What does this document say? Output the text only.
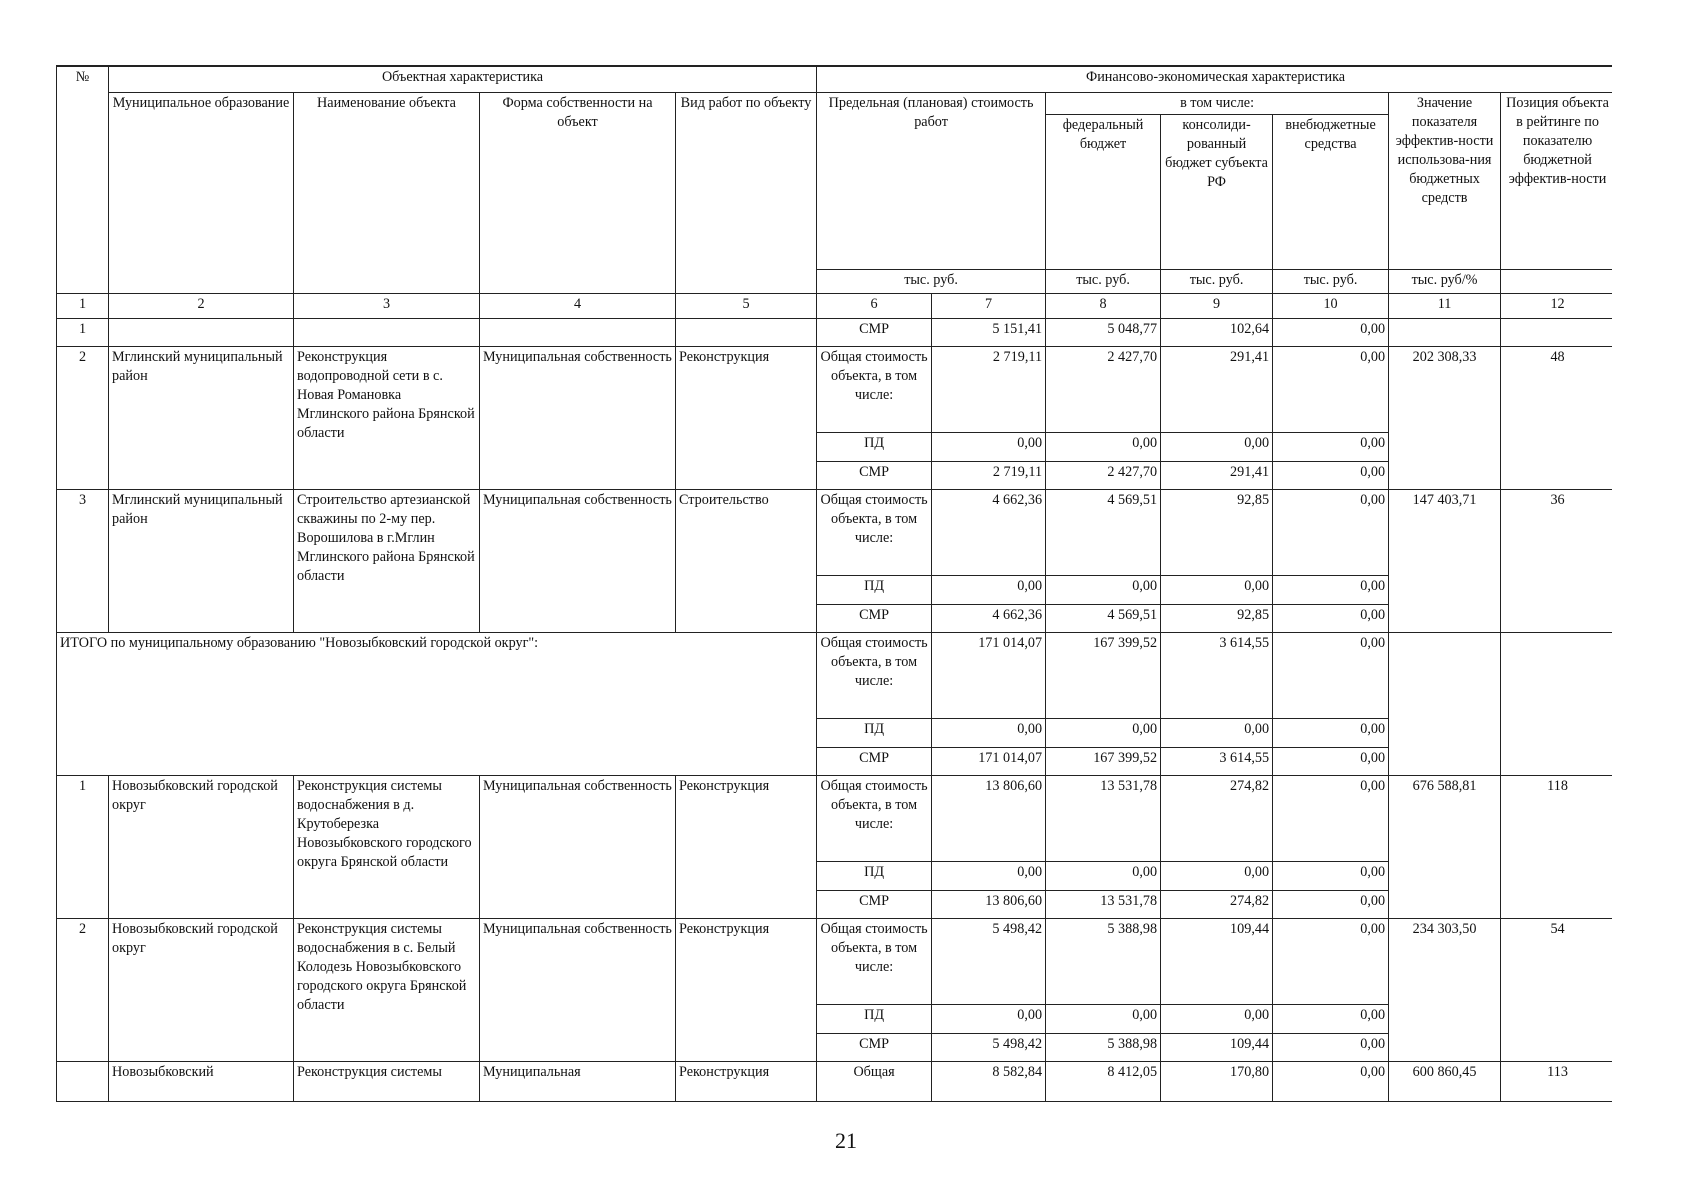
№	Объектная характеристика				Финансово-экономическая характеристика						
	Муниципальное образование	Наименование объекта	Форма собственности на объект	Вид работ по объекту	Предельная (плановая) стоимость работ		в том числе:			Значение показателя эффектив-ности использова-ния бюджетных средств	Позиция объекта в рейтинге по показателю бюджетной эффектив-ности
							федеральный бюджет	консолиди-рованный бюджет субъекта РФ	внебюджетные средства		
					тыс. руб.		тыс. руб.	тыс. руб.	тыс. руб.	тыс. руб/%	
1	2	3	4	5	6	7	8	9	10	11	12
1					СМР	5 151,41	5 048,77	102,64	0,00		
2	Мглинский муниципальный район	Реконструкция водопроводной сети в с. Новая Романовка Мглинского района Брянской области	Муниципальная собственность	Реконструкция	Общая стоимость объекта, в том числе:	2 719,11	2 427,70	291,41	0,00	202 308,33	48
					ПД	0,00	0,00	0,00	0,00		
					СМР	2 719,11	2 427,70	291,41	0,00		
3	Мглинский муниципальный район	Строительство артезианской скважины по 2-му пер. Ворошилова в г.Мглин Мглинского района Брянской области	Муниципальная собственность	Строительство	Общая стоимость объекта, в том числе:	4 662,36	4 569,51	92,85	0,00	147 403,71	36
					ПД	0,00	0,00	0,00	0,00		
					СМР	4 662,36	4 569,51	92,85	0,00		
ИТОГО по муниципальному образованию "Новозыбковский городской округ":					Общая стоимость объекта, в том числе:	171 014,07	167 399,52	3 614,55	0,00		
					ПД	0,00	0,00	0,00	0,00		
					СМР	171 014,07	167 399,52	3 614,55	0,00		
1	Новозыбковский городской округ	Реконструкция системы водоснабжения в д. Крутоберезка Новозыбковского городского округа Брянской области	Муниципальная собственность	Реконструкция	Общая стоимость объекта, в том числе:	13 806,60	13 531,78	274,82	0,00	676 588,81	118
					ПД	0,00	0,00	0,00	0,00		
					СМР	13 806,60	13 531,78	274,82	0,00		
2	Новозыбковский городской округ	Реконструкция системы водоснабжения в с. Белый Колодезь Новозыбковского городского округа Брянской области	Муниципальная собственность	Реконструкция	Общая стоимость объекта, в том числе:	5 498,42	5 388,98	109,44	0,00	234 303,50	54
					ПД	0,00	0,00	0,00	0,00		
					СМР	5 498,42	5 388,98	109,44	0,00		
	Новозыбковский	Реконструкция системы	Муниципальная	Реконструкция	Общая	8 582,84	8 412,05	170,80	0,00	600 860,45	113
21
